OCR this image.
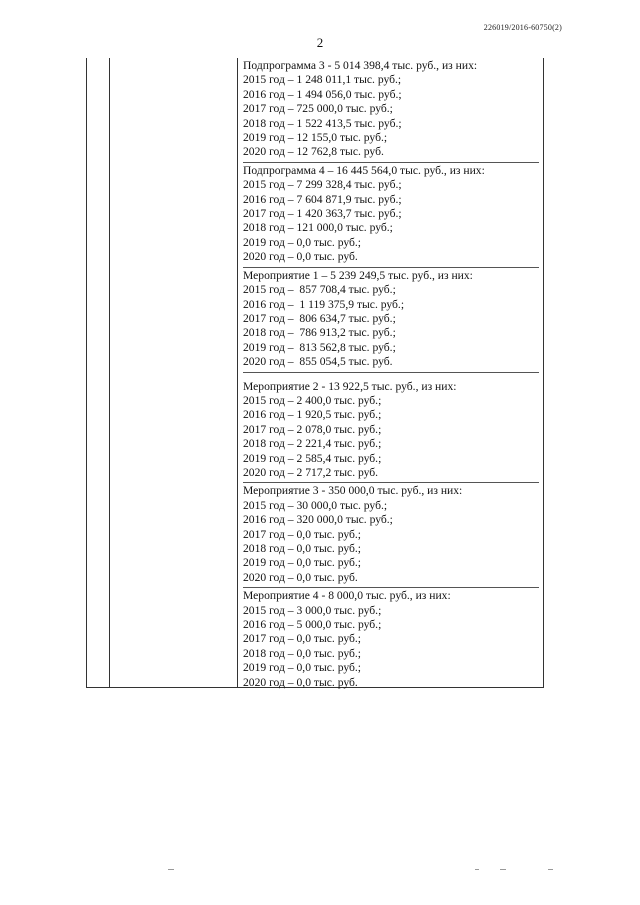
226019/2016-60750(2)
2
Подпрограмма 3 - 5 014 398,4 тыс. руб., из них:
2015 год – 1 248 011,1 тыс. руб.;
2016 год – 1 494 056,0 тыс. руб.;
2017 год – 725 000,0 тыс. руб.;
2018 год – 1 522 413,5 тыс. руб.;
2019 год – 12 155,0 тыс. руб.;
2020 год – 12 762,8 тыс. руб.
Подпрограмма 4 – 16 445 564,0 тыс. руб., из них:
2015 год – 7 299 328,4 тыс. руб.;
2016 год – 7 604 871,9 тыс. руб.;
2017 год – 1 420 363,7 тыс. руб.;
2018 год – 121 000,0 тыс. руб.;
2019 год – 0,0 тыс. руб.;
2020 год – 0,0 тыс. руб.
Мероприятие 1 – 5 239 249,5 тыс. руб., из них:
2015 год –  857 708,4 тыс. руб.;
2016 год –  1 119 375,9 тыс. руб.;
2017 год –  806 634,7 тыс. руб.;
2018 год –  786 913,2 тыс. руб.;
2019 год –  813 562,8 тыс. руб.;
2020 год –  855 054,5 тыс. руб.
Мероприятие 2 - 13 922,5 тыс. руб., из них:
2015 год – 2 400,0 тыс. руб.;
2016 год – 1 920,5 тыс. руб.;
2017 год – 2 078,0 тыс. руб.;
2018 год – 2 221,4 тыс. руб.;
2019 год – 2 585,4 тыс. руб.;
2020 год – 2 717,2 тыс. руб.
Мероприятие 3 - 350 000,0 тыс. руб., из них:
2015 год – 30 000,0 тыс. руб.;
2016 год – 320 000,0 тыс. руб.;
2017 год – 0,0 тыс. руб.;
2018 год – 0,0 тыс. руб.;
2019 год – 0,0 тыс. руб.;
2020 год – 0,0 тыс. руб.
Мероприятие 4 - 8 000,0 тыс. руб., из них:
2015 год – 3 000,0 тыс. руб.;
2016 год – 5 000,0 тыс. руб.;
2017 год – 0,0 тыс. руб.;
2018 год – 0,0 тыс. руб.;
2019 год – 0,0 тыс. руб.;
2020 год – 0,0 тыс. руб.
